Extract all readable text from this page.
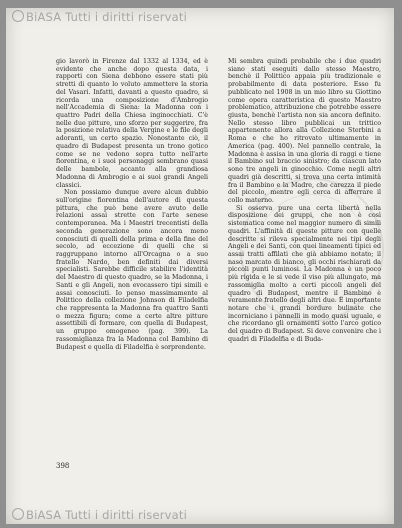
BiASA Tutti i diritti riservati

gio lavorò in Firenze dal 1332 al 1334, ed è evidente che anche dopo questa data, i rapporti con Siena debbono essere stati più stretti di quanto lo voluto ammettere la storia del Vasari. Infatti, davanti a questo quadro, si ricorda una composizione d'Ambrogio nell'Accademia di Siena: la Madonna con i quattro Padri della Chiesa inginocchiati. C'è nelle due pitture, uno sforzo per suggerire, fra la posizione relativa della Vergine e le file degli adoranti, un certo spazio. Nonostante ciò, il quadro di Budapest presenta un trono gotico come se ne vedono sopra tutto nell'arte fiorentina, e i suoi personaggi sembrano quasi delle bambole, accanto alla grandiosa Madonna di Ambrogio e ai suoi grandi Angeli classici.

Non possiamo dunque avere alcun dubbio sull'origine fiorentina dell'autore di questa pittura, che può bene avere avuto delle relazioni assai strette con l'arte senese contemporanea. Ma i Maestri trecentisti della seconda generazione sono ancora meno conosciuti di quelli della prima e della fine del secolo, ad eccezione di quelli che si raggruppano intorno all'Orcagna o a suo fratello Nardo, ben definiti dai diversi specialisti. Sarebbe difficile stabilire l'identità del Maestro di questo quadro, se la Madonna, i Santi e gli Angeli, non evocassero tipi simili e assai conosciuti. Io penso massimamente al Polittico della collezione Johnson di Filadelfia che rappresenta la Madonna fra quattro Santi o mezza figura; come a certe altre pitture assettibili di formare, con quella di Budapest, un gruppo omogeneo (pag. 399). La rassomiglianza fra la Madonna col Bambino di Budapest e quella di Filadelfia è sorprendente.

Mi sembra quindi probabile che i due quadri siano stati eseguiti dallo stesso Maestro, benchè il Polittico appaia più tradizionale e probabilmente di data posteriore. Esso fu pubblicato nel 1908 in un mio libro su Giottino come opera caratteristica di questo Maestro problematico, attribuzione che potrebbe essere giusta, benchè l'artista non sia ancora definito. Nello stesso libro pubblicai un trittico appartenente allora alla Collezione Sterbini a Roma e che ho ritrovato ultimamente in America (pag. 400). Nel pannello centrale, la Madonna è assisa in una gloria di raggi e tiene il Bambino sul braccio sinistro; da ciascun lato sono tre angeli in ginocchio. Come negli altri quadri già descritti, si trova una certa intimità fra il Bambino e la Madre, che carezza il piede del piccolo, mentre egli cerca di afferrare il collo materno.

Si osserva pure una certa libertà nella disposizione dei gruppi, che non è così sistematica come nel maggior numero di simili quadri. L'affinità di queste pitture con quelle descritte si rileva specialmente nei tipi degli Angeli e dei Santi, con quei lineamenti tipici ed assai tratti affilati che già abbiamo notato; il naso marcato di bianco, gli occhi rischiarati da piccoli punti luminosi. La Madonna è un poco più rigida e le si vede il viso più allungato, ma rassomiglia molto a certi piccoli angeli del quadro di Budapest, mentre il Bambino è veramente fratello degli altri due. È importante notare che i grandi bordure bulinate che incorniciano i pannelli in modo quasi uguale, e che ricordano gli ornamenti sotto l'arco gotico del quadro di Budapest. Si deve convenire che i quadri di Filadelfia e di Buda-

398
BiASA Tutti i diritti riservati
